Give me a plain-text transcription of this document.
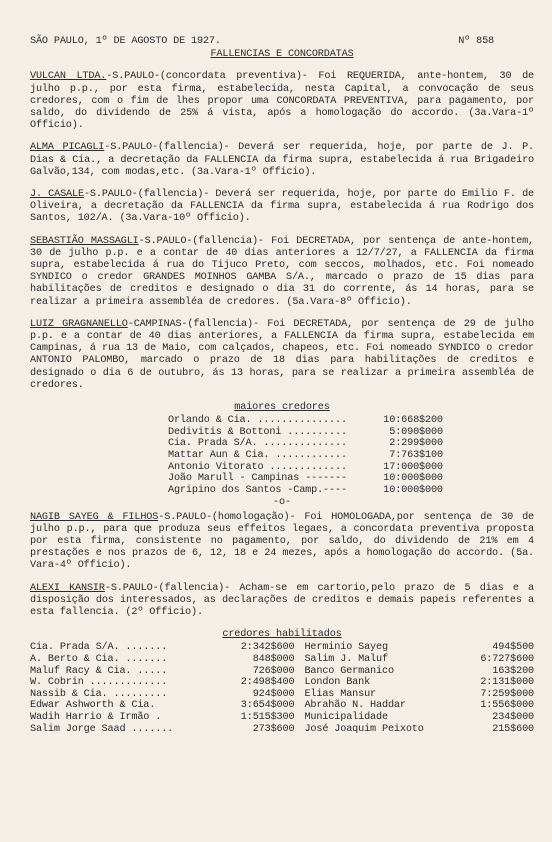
SÃO PAULO, 1º DE AGOSTO DE 1927.	Nº 858
FALLENCIAS E CONCORDATAS
VULCAN LTDA.-S.PAULO-(concordata preventiva)- Foi REQUERIDA, ante-hontem, 30 de julho p.p., por esta firma, estabelecida, nesta Capital, a convocação de seus credores, com o fim de lhes propor uma CONCORDATA PREVENTIVA, para pagamento, por saldo, do dividendo de 25% á vista, após a homologação do accordo. (3a.Vara-1º Officio).
ALMA PICAGLI-S.PAULO-(fallencia)- Deverá ser requerida, hoje, por parte de J. P. Dias & Cia., a decretação da FALLENCIA da firma supra, estabelecida á rua Brigadeiro Galvão,134, com modas,etc. (3a.Vara-1º Officio).
J. CASALE-S.PAULO-(fallencia)- Deverá ser requerida, hoje, por parte do Emilio F. de Oliveira, a decretação da FALLENCIA da firma supra, estabelecida á rua Rodrigo dos Santos, 102/A. (3a.Vara-10º Officio).
SEBASTIÃO MASSAGLI-S.PAULO-(fallencia)- Foi DECRETADA, por sentença de ante-hontem, 30 de julho p.p. e a contar de 40 dias anteriores a 12/7/27, a FALLENCIA da firma supra, estabelecida á rua do Tijuco Preto, com seccos, molhados, etc. Foi nomeado SYNDICO o credor GRANDES MOINHOS GAMBA S/A., marcado o prazo de 15 dias para habilitações de creditos e designado o dia 31 do corrente, ás 14 horas, para se realizar a primeira assembléa de credores. (5a.Vara-8º Officio).
LUIZ GRAGNANELLO-CAMPINAS-(fallencia)- Foi DECRETADA, por sentença de 29 de julho p.p. e a contar de 40 dias anteriores, a FALLENCIA da firma supra, estabelecida em Campinas, á rua 13 de Maio, com calçados, chapeos, etc. Foi nomeado SYNDICO o credor ANTONIO PALOMBO, marcado o prazo de 18 dias para habilitações de creditos e designado o dia 6 de outubro, ás 13 horas, para se realizar a primeira assembléa de credores.
maiores credores
Orlando & Cia. ...............	10:668$200
Dedivitis & Bottoni ..........	5:090$000
Cia. Prada S/A. ..............	2:299$000
Mattar Aun & Cia. ............	7:763$100
Antonio Vitorato .............	17:000$000
João Marull - Campinas -------	10:000$000
Agripino dos Santos -Camp.----	10:000$000
-o-
NAGIB SAYEG & FILHOS-S.PAULO-(homologação)- Foi HOMOLOGADA,por sentença de 30 de julho p.p., para que produza seus effeitos legaes, a concordata preventiva proposta por esta firma, consistente no pagamento, por saldo, do dividendo de 21% em 4 prestações e nos prazos de 6, 12, 18 e 24 mezes, após a homologação do accordo. (5a. Vara-4º Officio).
ALEXI KANSIR-S.PAULO-(fallencia)- Acham-se em cartorio,pelo prazo de 5 dias e a disposição dos interessados, as declarações de creditos e demais papeis referentes a esta fallencia. (2º Officio).
credores habilitados
Cia. Prada S/A. .......	2:342$600	Herminio Sayeg	494$500
A. Berto & Cia. .......	848$000	Salim J. Maluf	6:727$600
Maluf Racy & Cia. .....	726$000	Banco Germanico	163$200
W. Cobrin .............	2:498$400	London Bank	2:131$000
Nassib & Cia. .........	924$000	Elias Mansur	7:259$000
Edwar Ashworth & Cia.	3:654$000	Abrahão N. Haddar	1:556$000
Wadih Harrio & Irmão .	1:515$300	Municipalidade	234$000
Salim Jorge Saad .......	273$600	José Joaquim Peixoto	215$600
